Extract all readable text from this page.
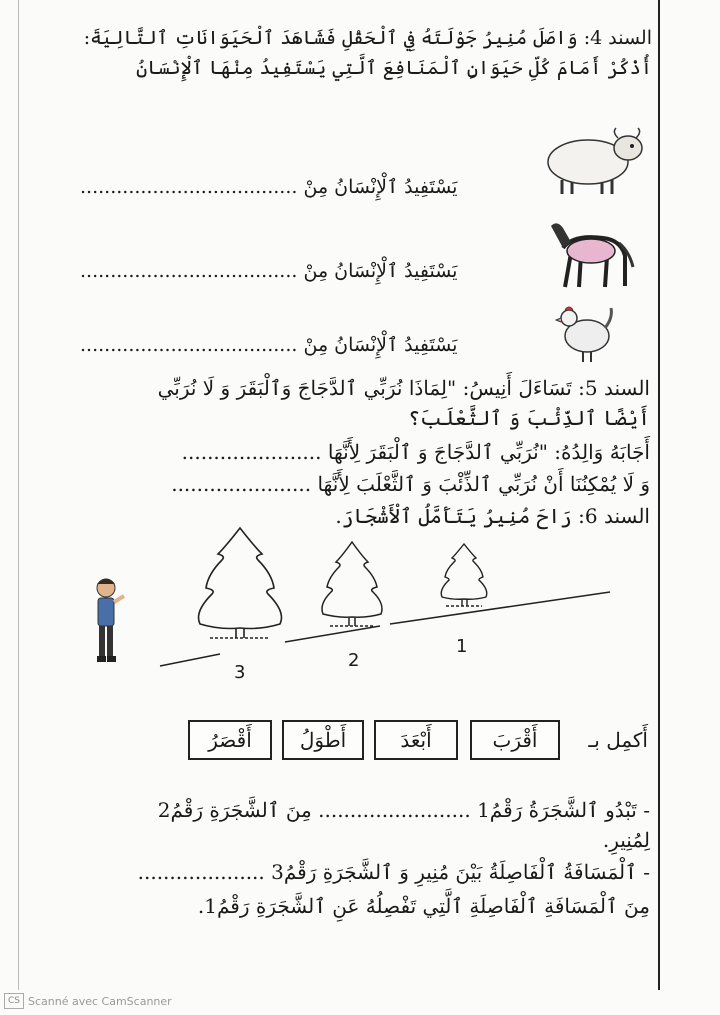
السند 4: وَاصَلَ مُنِيرُ جَوْلَتَهُ فِي ٱلْحَقْلِ فَشَاهَدَ ٱلْحَيَوَانَاتِ ٱلتَّالِيَةَ:
أُذْكُرْ أَمَامَ كُلِّ حَيَوَانٍ ٱلْمَنَافِعَ ٱلَّتِي يَسْتَفِيدُ مِنْهَا ٱلْإِنْسَانُ
يَسْتَفِيدُ ٱلْإِنْسَانُ مِنْ ....................................
يَسْتَفِيدُ ٱلْإِنْسَانُ مِنْ ....................................
يَسْتَفِيدُ ٱلْإِنْسَانُ مِنْ ....................................
السند 5: تَسَاءَلَ أَنِيسُ: "لِمَاذَا نُرَبِّي ٱلدَّجَاجَ وَٱلْبَقَرَ وَ لَا نُرَبِّي
أَيْضًا ٱلذِّئْبَ وَ ٱلثَّعْلَبَ؟
أَجَابَهُ وَالِدُهُ: "نُرَبِّي ٱلدَّجَاجَ وَ ٱلْبَقَرَ لِأَنَّهَا ......................
وَ لَا يُمْكِنُنَا أَنْ نُرَبِّي ٱلذِّئْبَ وَ ٱلثَّعْلَبَ لِأَنَّهَا ......................
السند 6: رَاحَ مُنِيرُ يَتَأَمَّلُ ٱلْأَشْجَارَ.
1
2
3
أَكمِل بـ
أَقْرَبَ
أَبْعَدَ
أَطْوَلُ
أَقْصَرُ
- تَبْدُو ٱلشَّجَرَةُ رَقْمُ1 ........................ مِنَ ٱلشَّجَرَةِ رَقْمُ2
لِمُنِيرِ.
- ٱلْمَسَافَةُ ٱلْفَاصِلَةُ بَيْنَ مُنِيرِ وَ ٱلشَّجَرَةِ رَقْمُ3 ....................
مِنَ ٱلْمَسَافَةِ ٱلْفَاصِلَةِ ٱلَّتِي تَفْصِلُهُ عَنِ ٱلشَّجَرَةِ رَقْمُ1.
CS Scanné avec CamScanner
